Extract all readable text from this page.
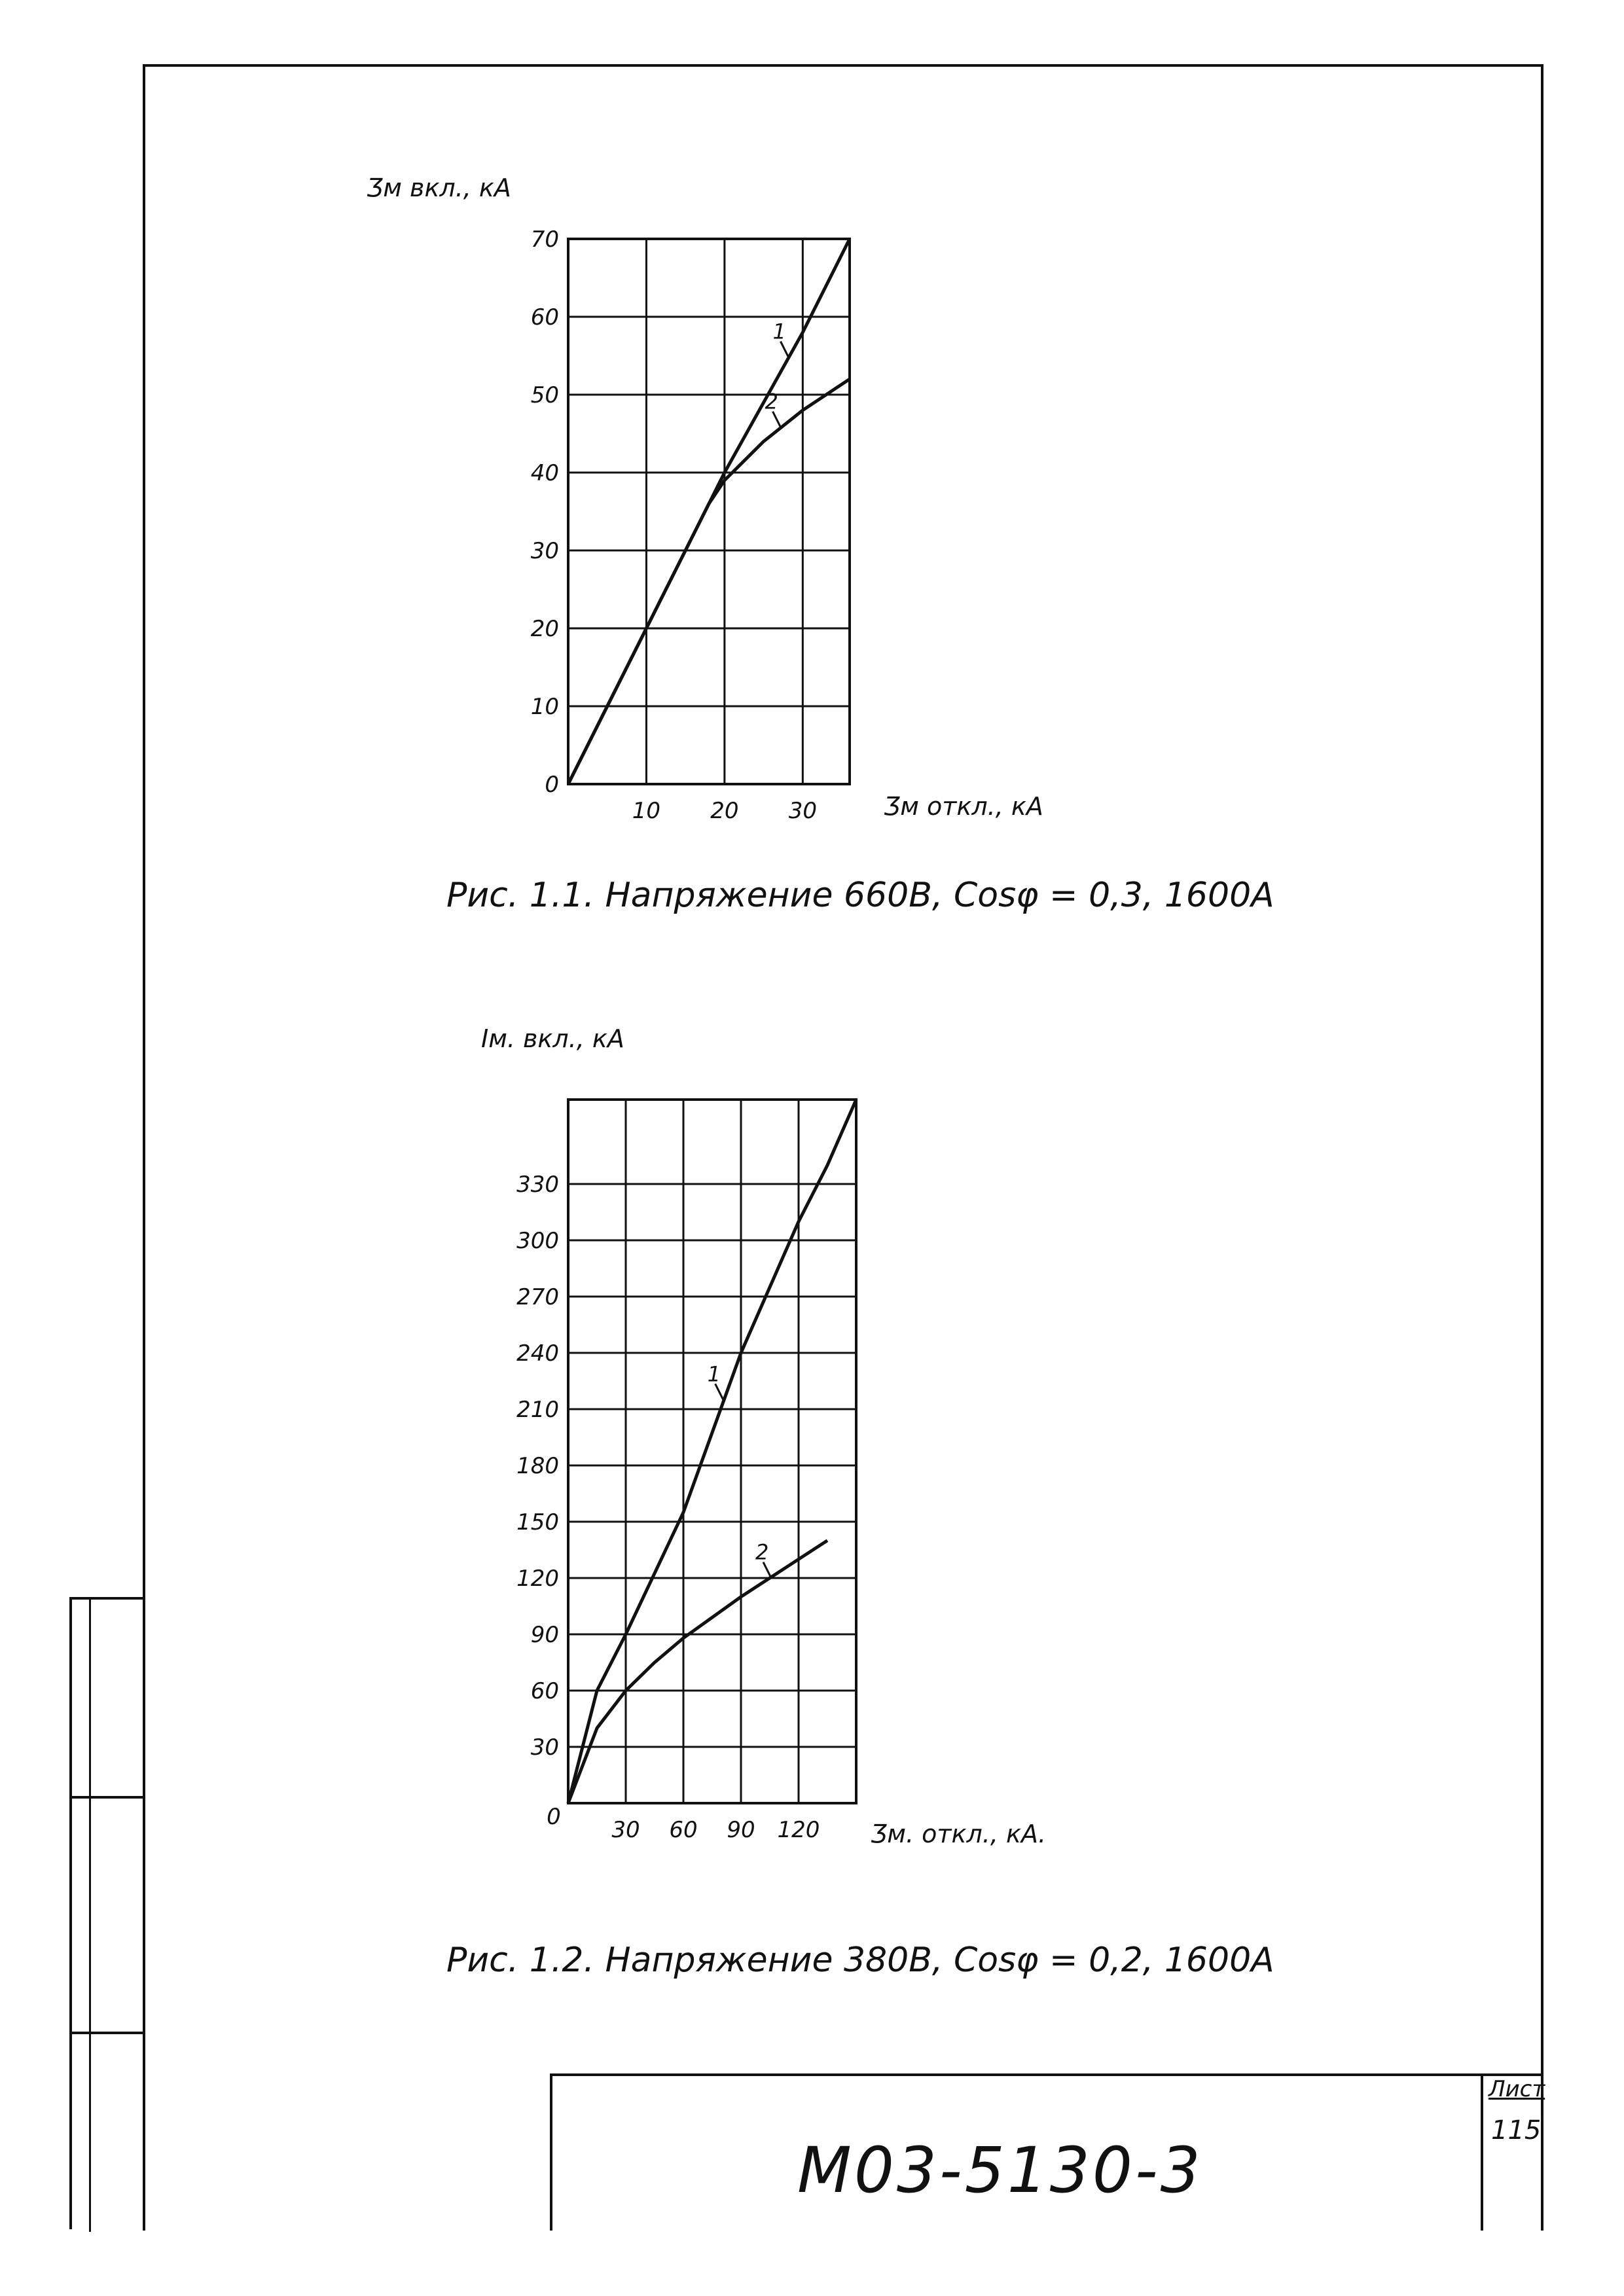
М03-5130-3
Лист
115
0
10
20
30
40
50
60
70
10 20 30
1
2
Ӡм вкл., кА
Ӡм откл., кА
Рис. 1.1. Напряжение 660В, Cosφ = 0,3, 1600А
30
60
90
120
150
180
210
240
270
300
330
0 30 60 90 120
1
2
Iм. вкл., кА
Ӡм. откл., кА.
Рис. 1.2. Напряжение 380В, Cosφ = 0,2, 1600А
